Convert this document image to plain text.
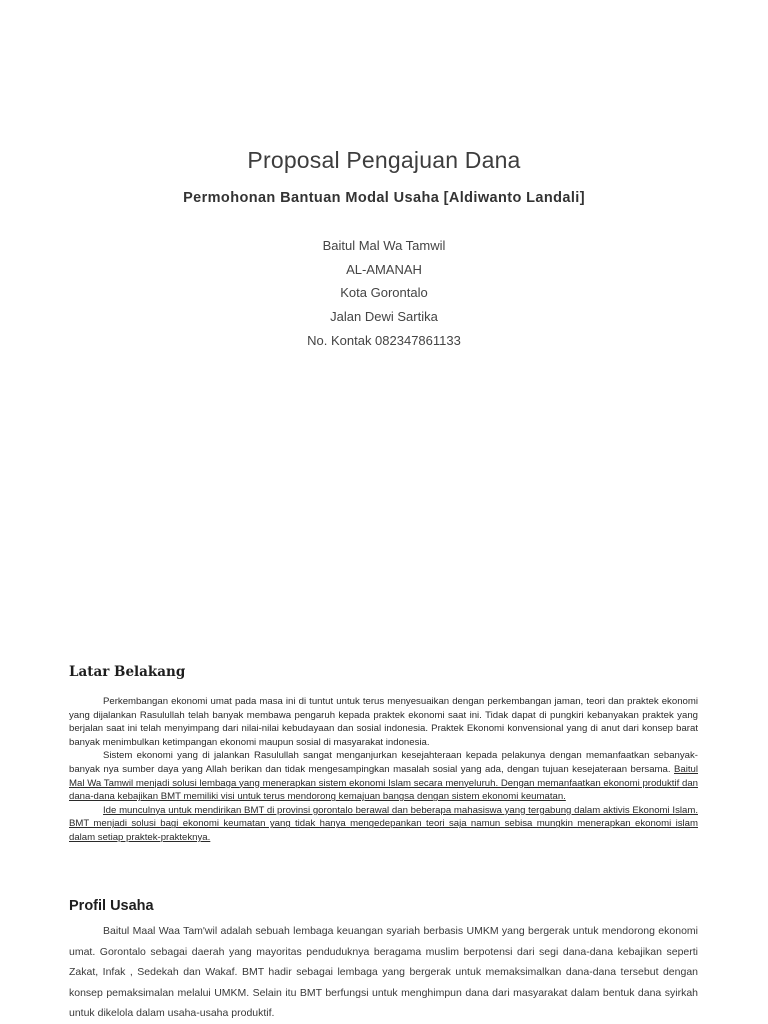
Proposal Pengajuan Dana
Permohonan Bantuan Modal Usaha [Aldiwanto Landali]
Baitul Mal Wa Tamwil
AL-AMANAH
Kota Gorontalo
Jalan Dewi Sartika
No. Kontak 082347861133
Latar Belakang

Perkembangan ekonomi umat pada masa ini di tuntut untuk terus menyesuaikan dengan perkembangan jaman, teori dan praktek ekonomi yang dijalankan Rasulullah telah banyak membawa pengaruh kepada praktek ekonomi saat ini. Tidak dapat di pungkiri kebanyakan praktek yang berjalan saat ini telah menyimpang dari nilai-nilai kebudayaan dan sosial indonesia. Praktek Ekonomi konvensional yang di anut dari konsep barat banyak menimbulkan ketimpangan ekonomi maupun sosial di masyarakat indonesia.

Sistem ekonomi yang di jalankan Rasulullah sangat menganjurkan kesejahteraan kepada pelakunya dengan memanfaatkan sebanyak-banyak nya sumber daya yang Allah berikan dan tidak mengesampingkan masalah sosial yang ada, dengan tujuan kesejateraan bersama. Baitul Mal Wa Tamwil menjadi solusi lembaga yang menerapkan sistem ekonomi Islam secara menyeluruh. Dengan memanfaatkan ekonomi produktif dan dana-dana kebajikan BMT memiliki visi untuk terus mendorong kemajuan bangsa dengan sistem ekonomi keumatan.

Ide munculnya untuk mendirikan BMT di provinsi gorontalo berawal dan beberapa mahasiswa yang tergabung dalam aktivis Ekonomi Islam. BMT menjadi solusi bagi ekonomi keumatan yang tidak hanya mengedepankan teori saja namun sebisa mungkin menerapkan ekonomi islam dalam setiap praktek-prakteknya.

Profil Usaha

Baitul Maal Waa Tam'wil adalah sebuah lembaga keuangan syariah berbasis UMKM yang bergerak untuk mendorong ekonomi umat. Gorontalo sebagai daerah yang mayoritas penduduknya beragama muslim berpotensi dari segi dana-dana kebajikan seperti Zakat, Infak , Sedekah dan Wakaf. BMT hadir sebagai lembaga yang bergerak untuk memaksimalkan dana-dana tersebut dengan konsep pemaksimalan melalui UMKM. Selain itu BMT berfungsi untuk menghimpun dana dari masyarakat dalam bentuk dana syirkah untuk dikelola dalam usaha-usaha produktif.
